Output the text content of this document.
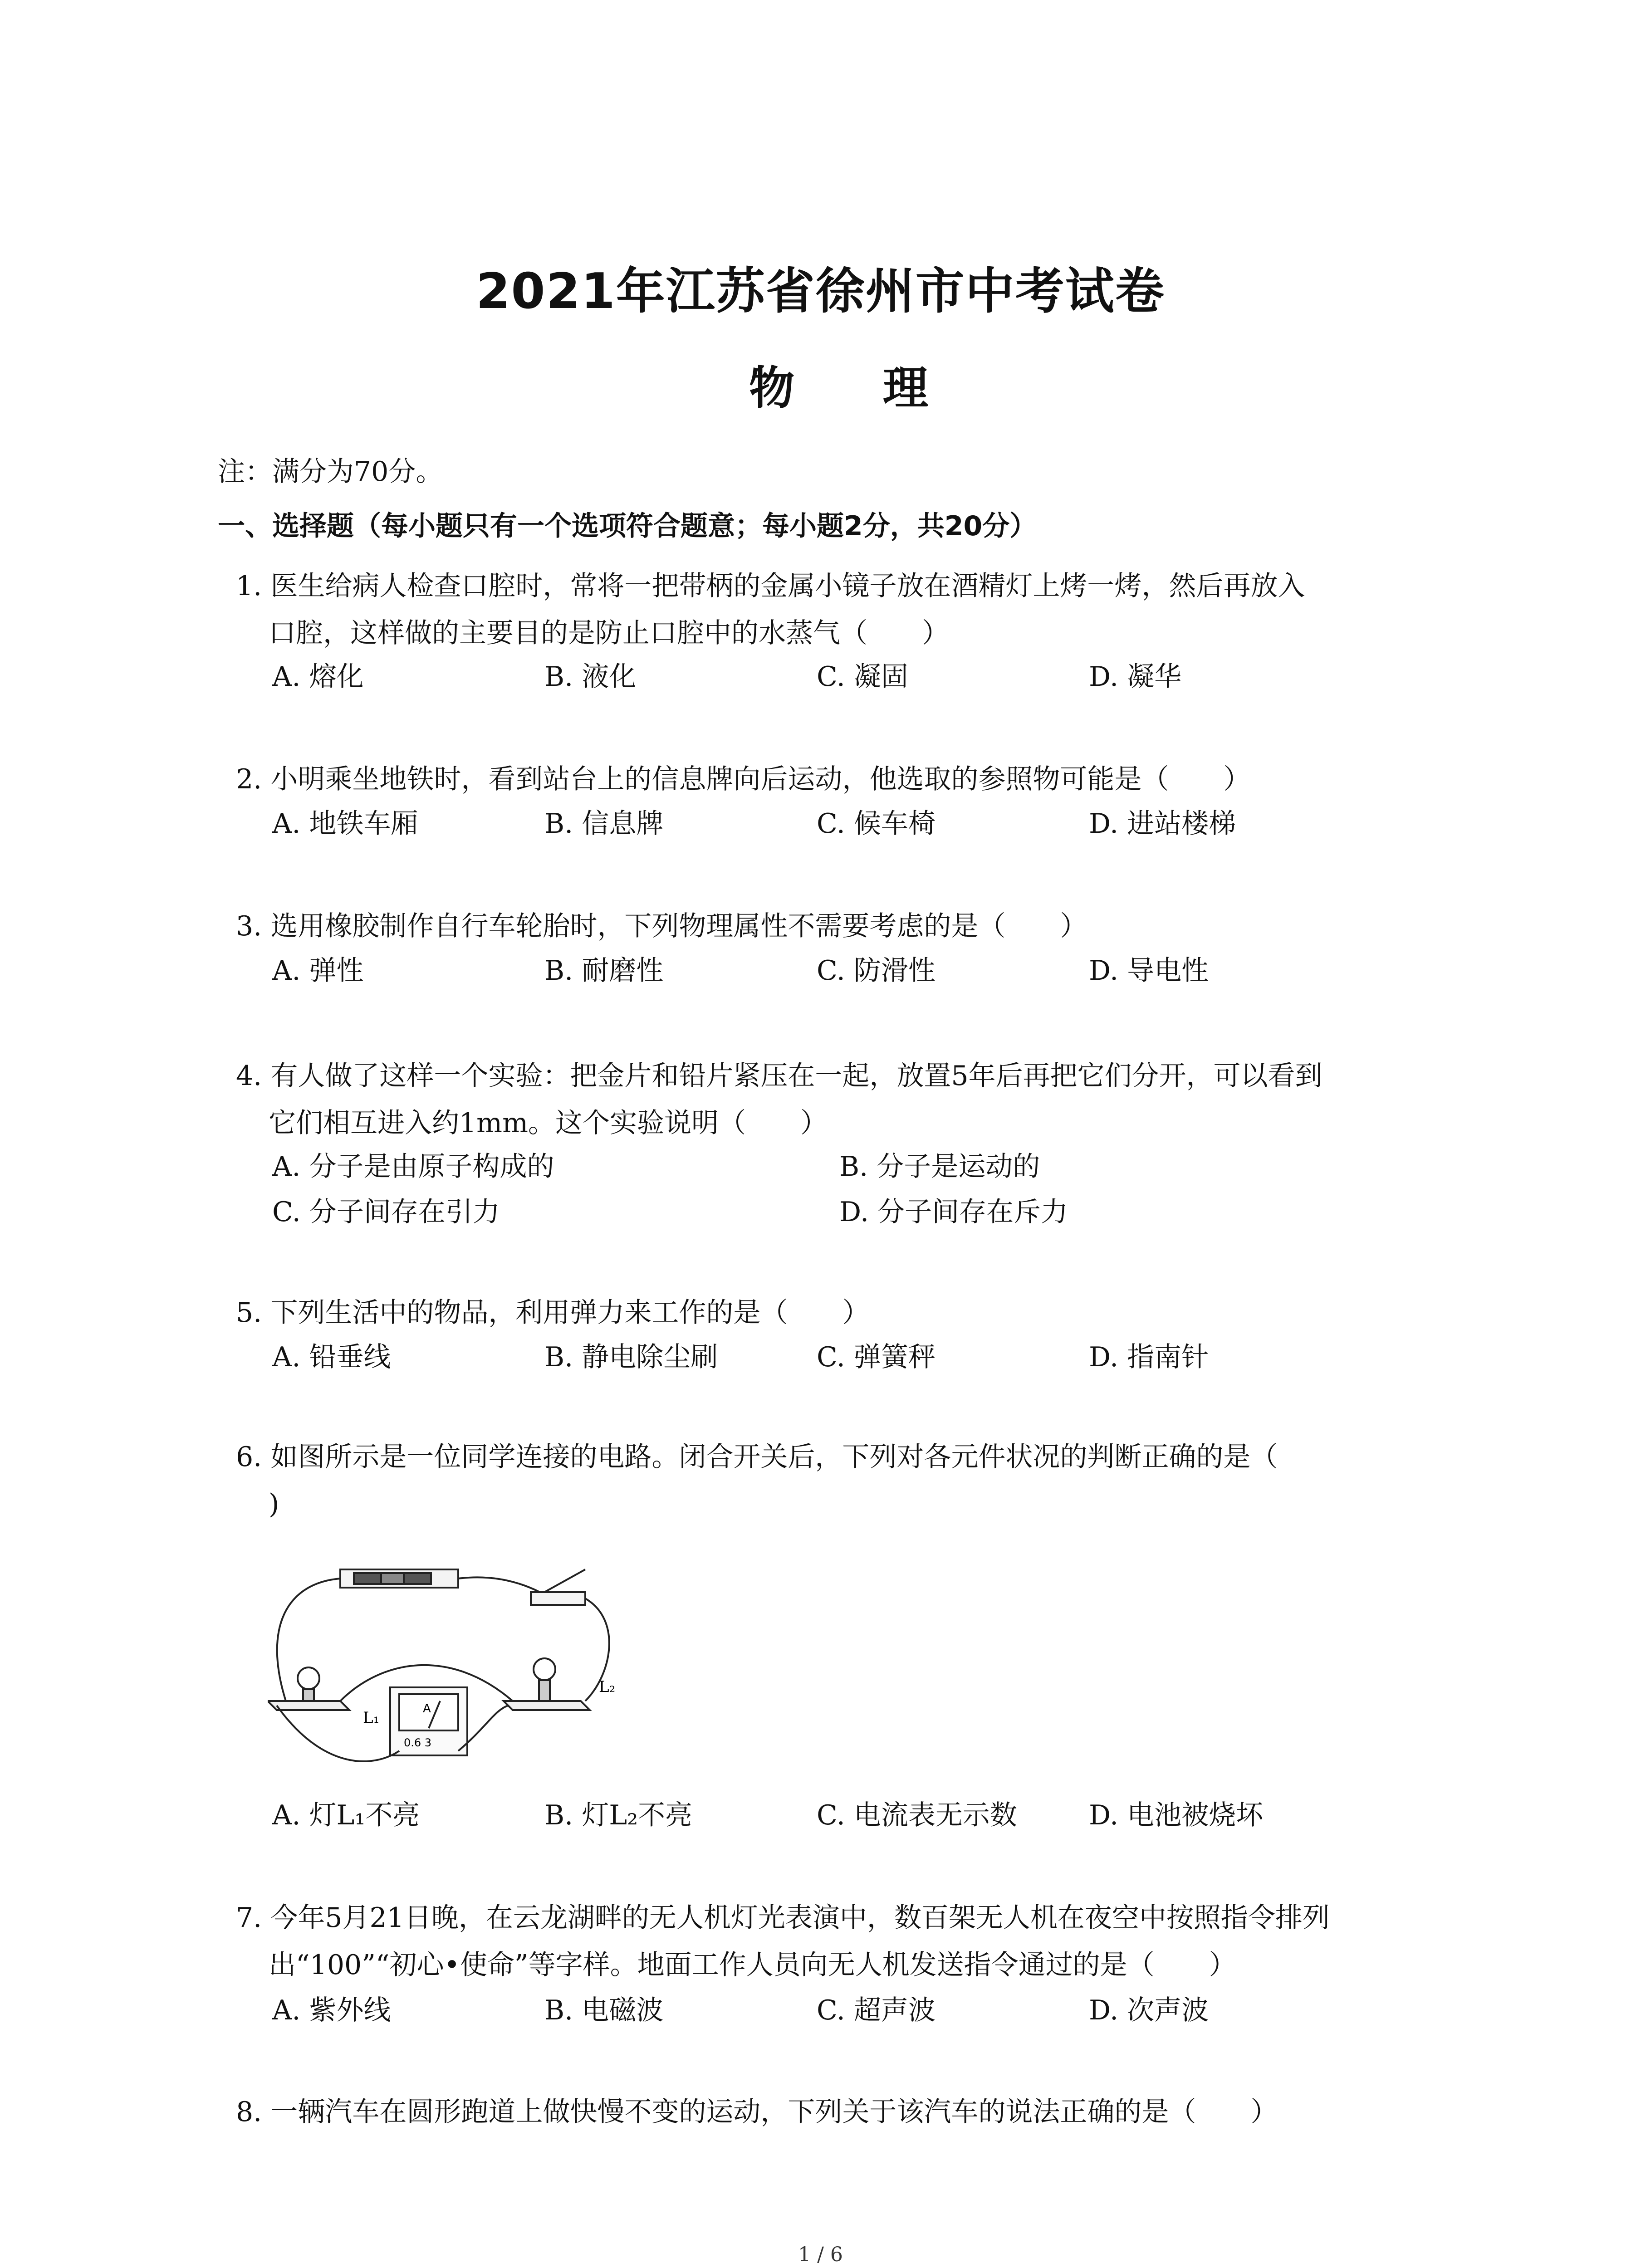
2021年江苏省徐州市中考试卷
物 理
注：满分为70分。
一、选择题（每小题只有一个选项符合题意；每小题2分，共20分）
1. 医生给病人检查口腔时，常将一把带柄的金属小镜子放在酒精灯上烤一烤，然后再放入
口腔，这样做的主要目的是防止口腔中的水蒸气（　　）
A. 熔化	B. 液化	C. 凝固	D. 凝华
2. 小明乘坐地铁时，看到站台上的信息牌向后运动，他选取的参照物可能是（　　）
A. 地铁车厢	B. 信息牌	C. 候车椅	D. 进站楼梯
3. 选用橡胶制作自行车轮胎时，下列物理属性不需要考虑的是（　　）
A. 弹性	B. 耐磨性	C. 防滑性	D. 导电性
4. 有人做了这样一个实验：把金片和铅片紧压在一起，放置5年后再把它们分开，可以看到
它们相互进入约1mm。这个实验说明（　　）
A. 分子是由原子构成的	B. 分子是运动的
C. 分子间存在引力	D. 分子间存在斥力
5. 下列生活中的物品，利用弹力来工作的是（　　）
A. 铅垂线	B. 静电除尘刷	C. 弹簧秤	D. 指南针
6. 如图所示是一位同学连接的电路。闭合开关后，下列对各元件状况的判断正确的是（
)
L₁
L₂
A
0.6 3
A. 灯L₁不亮	B. 灯L₂不亮	C. 电流表无示数	D. 电池被烧坏
7. 今年5月21日晚，在云龙湖畔的无人机灯光表演中，数百架无人机在夜空中按照指令排列
出“100”“初心•使命”等字样。地面工作人员向无人机发送指令通过的是（　　）
A. 紫外线	B. 电磁波	C. 超声波	D. 次声波
8. 一辆汽车在圆形跑道上做快慢不变的运动，下列关于该汽车的说法正确的是（　　）
1 / 6
